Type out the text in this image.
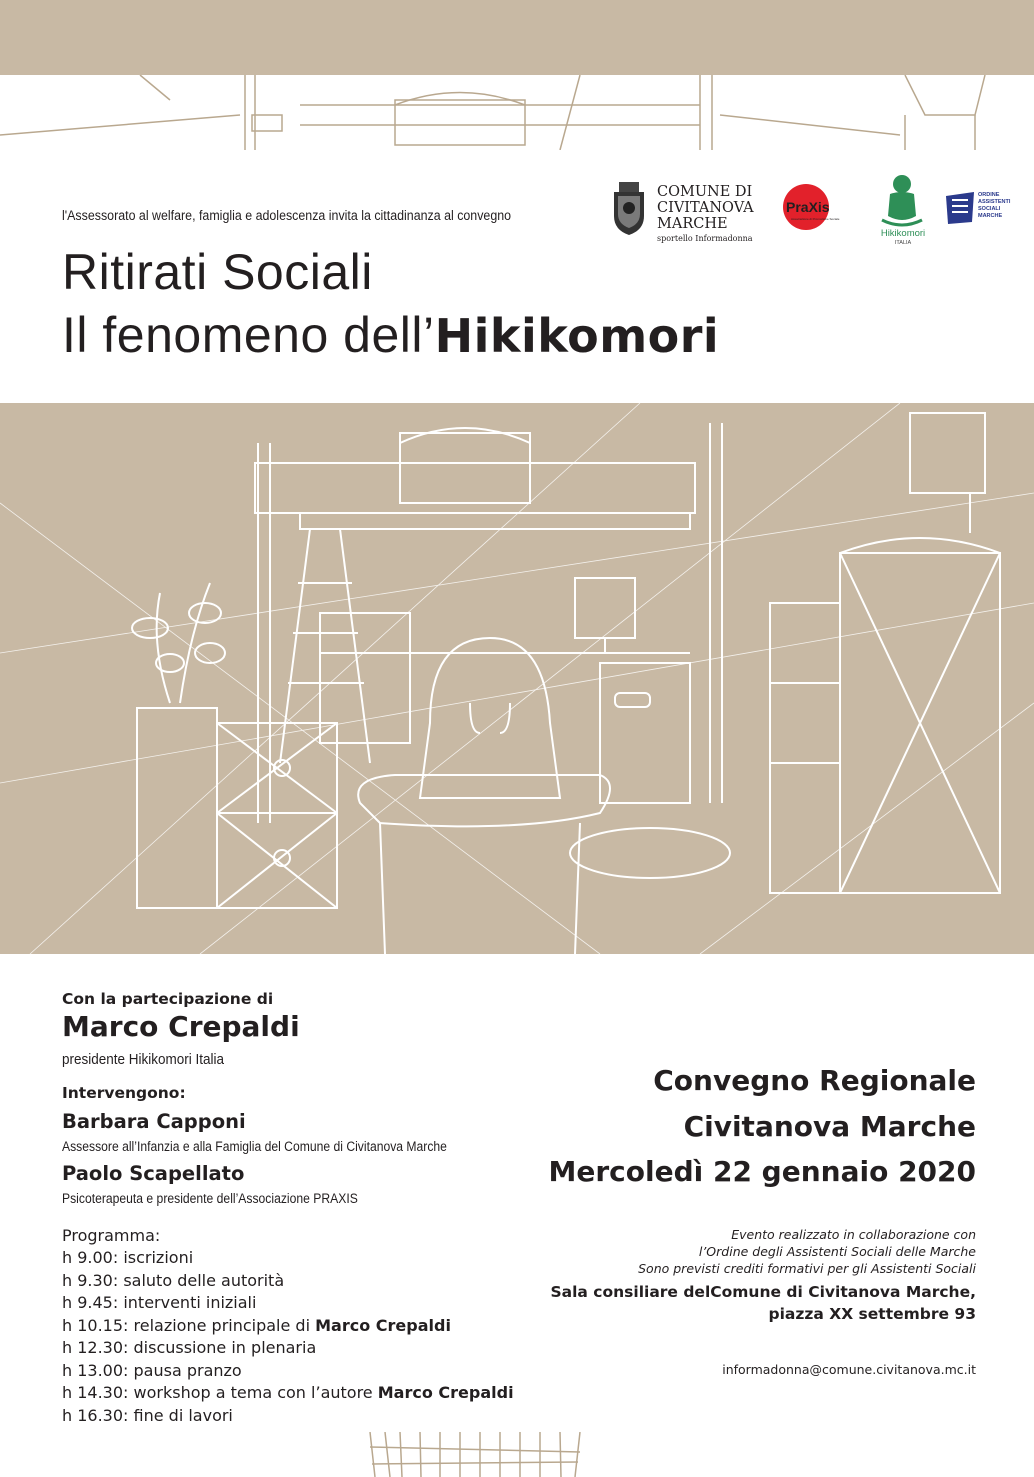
l'Assessorato al welfare, famiglia e adolescenza invita la cittadinanza al convegno
Ritirati Sociali
Il fenomeno dell’Hikikomori
COMUNE DI
CIVITANOVA
MARCHE
sportello Informadonna
PraXis
Associazione di Promozione Sociale
Hikikomori
ITALIA
ORDINE
ASSISTENTI
SOCIALI
MARCHE
Con la partecipazione di
Marco Crepaldi
presidente Hikikomori Italia
Intervengono:
Barbara Capponi
Assessore all’Infanzia e alla Famiglia del Comune di Civitanova Marche
Paolo Scapellato
Psicoterapeuta e presidente dell’Associazione PRAXIS
Programma:
h 9.00: iscrizioni
h 9.30: saluto delle autorità
h 9.45: interventi iniziali
h 10.15: relazione principale di Marco Crepaldi
h 12.30: discussione in plenaria
h 13.00: pausa pranzo
h 14.30: workshop a tema con l’autore Marco Crepaldi
h 16.30: fine di lavori
Convegno Regionale
Civitanova Marche
Mercoledì 22 gennaio 2020
Evento realizzato in collaborazione con
l’Ordine degli Assistenti Sociali delle Marche
Sono previsti crediti formativi per gli Assistenti Sociali
Sala consiliare delComune di Civitanova Marche,
piazza XX settembre 93
informadonna@comune.civitanova.mc.it
